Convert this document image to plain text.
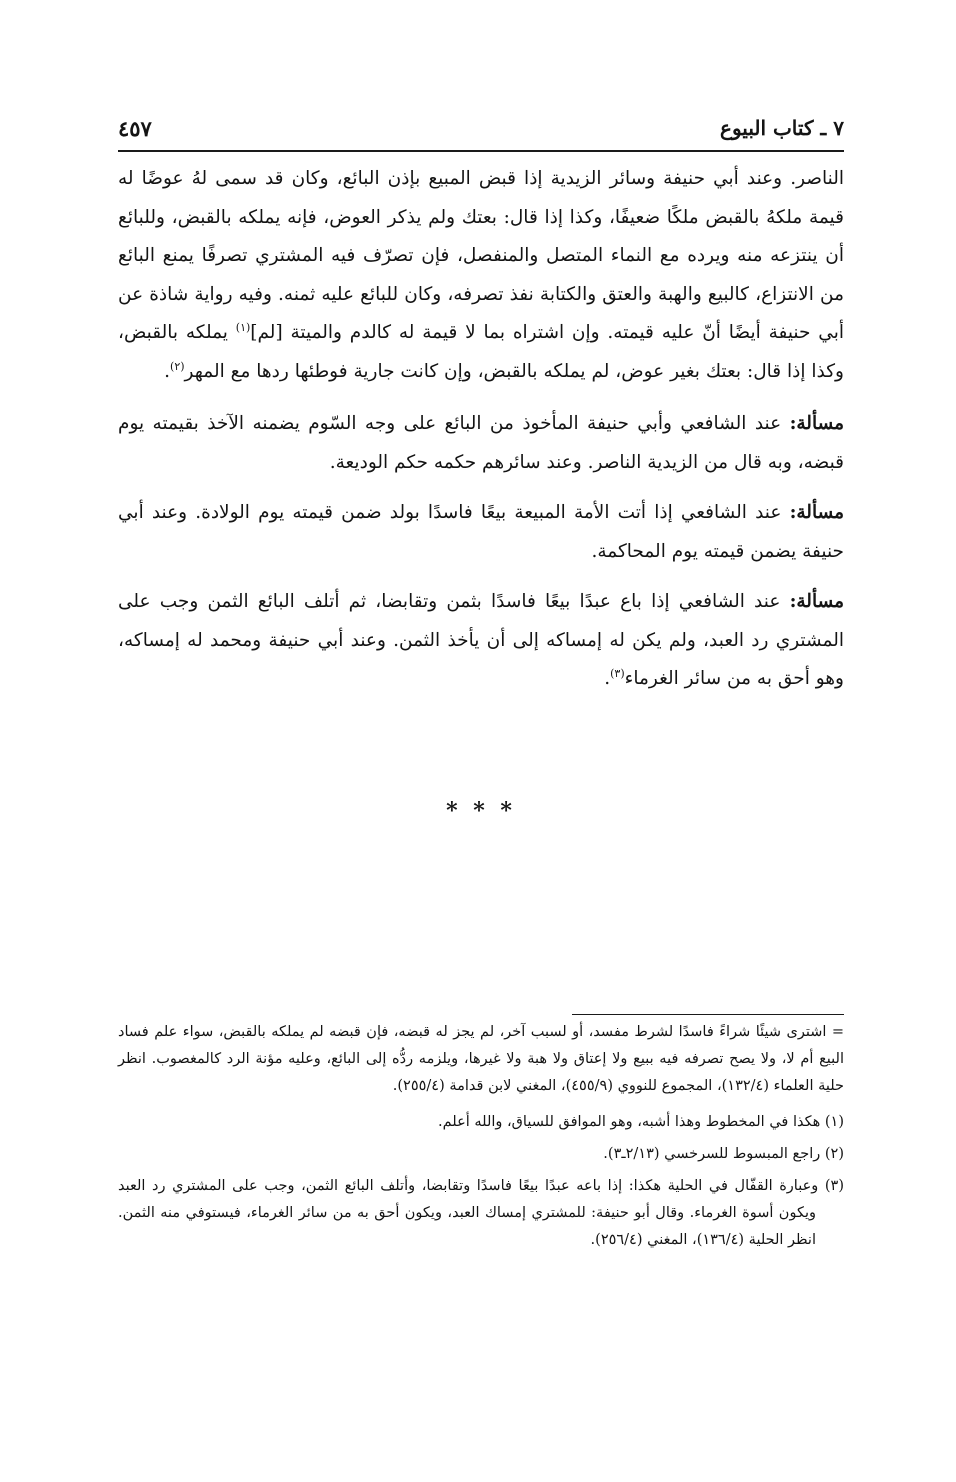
٧ ـ كتاب البيوع
٤٥٧

الناصر. وعند أبي حنيفة وسائر الزيدية إذا قبض المبيع بإذن البائع، وكان قد سمى لهُ عوضًا له قيمة ملكهُ بالقبض ملكًا ضعيفًا، وكذا إذا قال: بعتك ولم يذكر العوض، فإنه يملكه بالقبض، وللبائع أن ينتزعه منه ويرده مع النماء المتصل والمنفصل، فإن تصرّف فيه المشتري تصرفًا يمنع البائع من الانتزاع، كالبيع والهبة والعتق والكتابة نفذ تصرفه، وكان للبائع عليه ثمنه. وفيه رواية شاذة عن أبي حنيفة أيضًا أنّ عليه قيمته. وإن اشتراه بما لا قيمة له كالدم والميتة [لم]$^{(١)}$ يملكه بالقبض، وكذا إذا قال: بعتك بغير عوض، لم يملكه بالقبض، وإن كانت جارية فوطئها ردها مع المهر$^{(٢)}$.

مسألة: عند الشافعي وأبي حنيفة المأخوذ من البائع على وجه السّوم يضمنه الآخذ بقيمته يوم قبضه، وبه قال من الزيدية الناصر. وعند سائرهم حكمه حكم الوديعة.

مسألة: عند الشافعي إذا أتت الأمة المبيعة بيعًا فاسدًا بولد ضمن قيمته يوم الولادة. وعند أبي حنيفة يضمن قيمته يوم المحاكمة.

مسألة: عند الشافعي إذا باع عبدًا بيعًا فاسدًا بثمن وتقابضا، ثم أتلف البائع الثمن وجب على المشتري رد العبد، ولم يكن له إمساكه إلى أن يأخذ الثمن. وعند أبي حنيفة ومحمد له إمساكه، وهو أحق به من سائر الغرماء$^{(٣)}$.

* * *

= اشترى شيئًا شراءً فاسدًا لشرط مفسد، أو لسبب آخر، لم يجز له قبضه، فإن قبضه لم يملكه بالقبض، سواء علم فساد البيع أم لا، ولا يصح تصرفه فيه ببيع ولا إعتاق ولا هبة ولا غيرها، ويلزمه ردُّه إلى البائع، وعليه مؤنة الرد كالمغصوب. انظر حلية العلماء (١٣٢/٤)، المجموع للنووي (٤٥٥/٩)، المغني لابن قدامة (٢٥٥/٤).

(١) هكذا في المخطوط وهذا أشبه، وهو الموافق للسياق، والله أعلم.

(٢) راجع المبسوط للسرخسي (٢/١٣ـ٣).

(٣) وعبارة القفّال في الحلية هكذا: إذا باعه عبدًا بيعًا فاسدًا وتقابضا، وأتلف البائع الثمن، وجب على المشتري رد العبد ويكون أسوة الغرماء. وقال أبو حنيفة: للمشتري إمساك العبد، ويكون أحق به من سائر الغرماء، فيستوفي منه الثمن. انظر الحلية (١٣٦/٤)، المغني (٢٥٦/٤).
